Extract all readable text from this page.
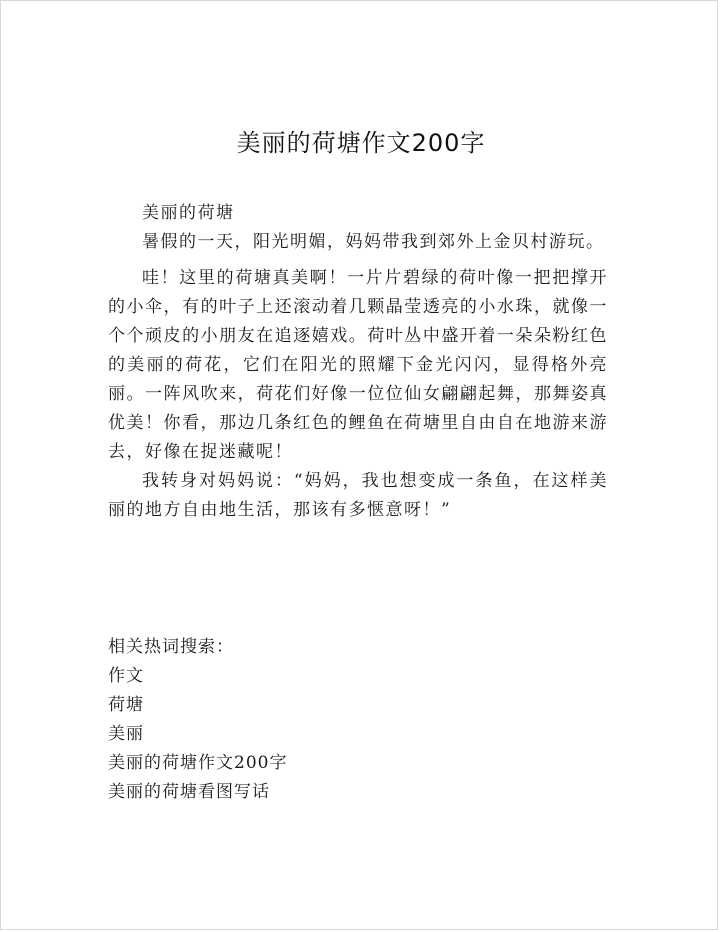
美丽的荷塘作文200字

美丽的荷塘

暑假的一天，阳光明媚，妈妈带我到郊外上金贝村游玩。

哇！这里的荷塘真美啊！一片片碧绿的荷叶像一把把撑开的小伞，有的叶子上还滚动着几颗晶莹透亮的小水珠，就像一个个顽皮的小朋友在追逐嬉戏。荷叶丛中盛开着一朵朵粉红色的美丽的荷花，它们在阳光的照耀下金光闪闪，显得格外亮丽。一阵风吹来，荷花们好像一位位仙女翩翩起舞，那舞姿真优美！你看，那边几条红色的鲤鱼在荷塘里自由自在地游来游去，好像在捉迷藏呢！

我转身对妈妈说：“妈妈，我也想变成一条鱼，在这样美丽的地方自由地生活，那该有多惬意呀！”

相关热词搜索：
作文
荷塘
美丽
美丽的荷塘作文200字
美丽的荷塘看图写话
